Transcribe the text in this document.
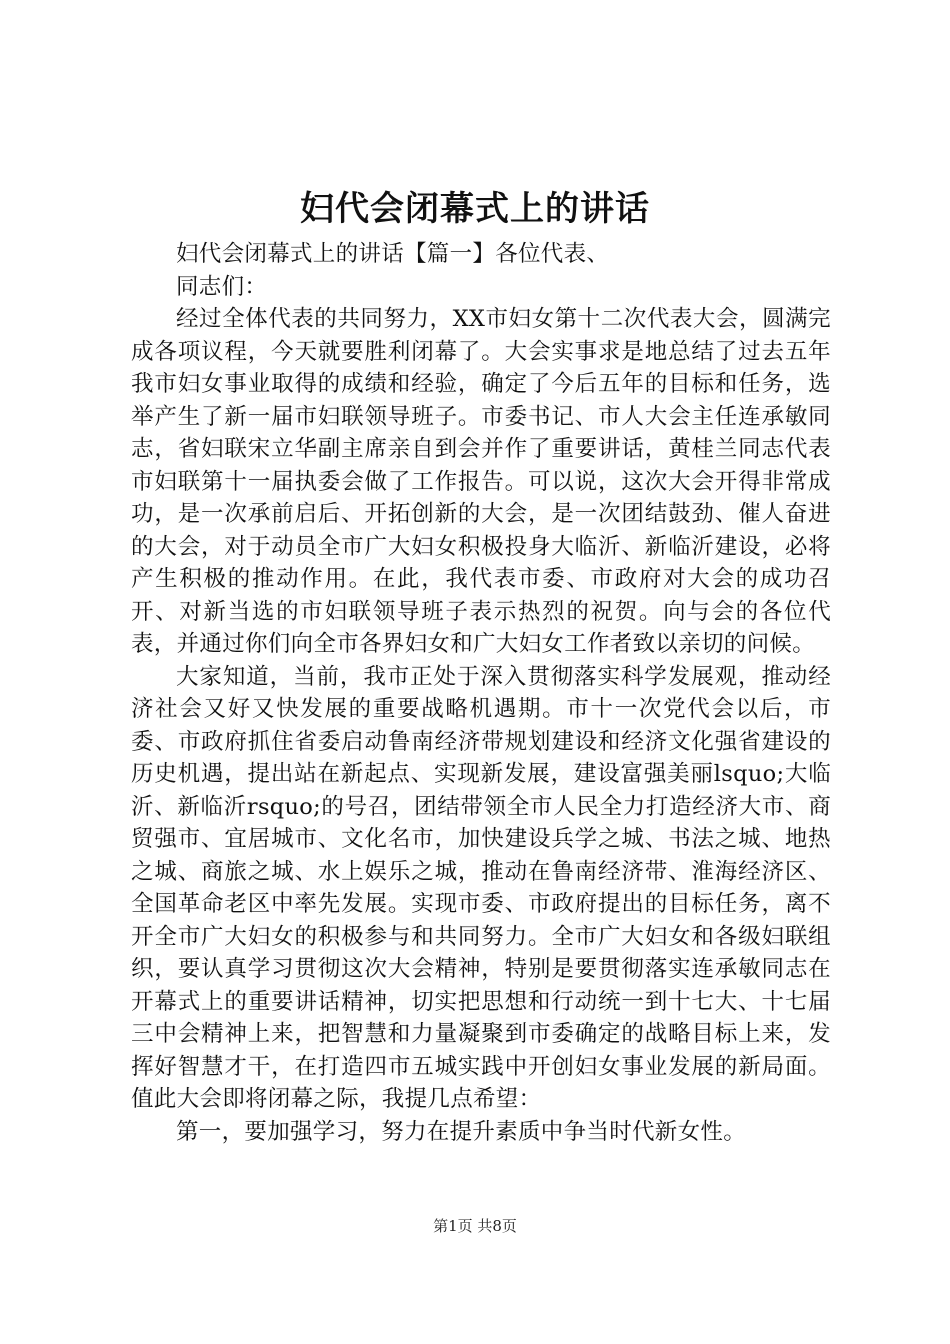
妇代会闭幕式上的讲话

妇代会闭幕式上的讲话【篇一】各位代表、

同志们：

经过全体代表的共同努力，XX市妇女第十二次代表大会，圆满完成各项议程，今天就要胜利闭幕了。大会实事求是地总结了过去五年我市妇女事业取得的成绩和经验，确定了今后五年的目标和任务，选举产生了新一届市妇联领导班子。市委书记、市人大会主任连承敏同志，省妇联宋立华副主席亲自到会并作了重要讲话，黄桂兰同志代表市妇联第十一届执委会做了工作报告。可以说，这次大会开得非常成功，是一次承前启后、开拓创新的大会，是一次团结鼓劲、催人奋进的大会，对于动员全市广大妇女积极投身大临沂、新临沂建设，必将产生积极的推动作用。在此，我代表市委、市政府对大会的成功召开、对新当选的市妇联领导班子表示热烈的祝贺。向与会的各位代表，并通过你们向全市各界妇女和广大妇女工作者致以亲切的问候。

大家知道，当前，我市正处于深入贯彻落实科学发展观，推动经济社会又好又快发展的重要战略机遇期。市十一次党代会以后，市委、市政府抓住省委启动鲁南经济带规划建设和经济文化强省建设的历史机遇，提出站在新起点、实现新发展，建设富强美丽lsquo;大临沂、新临沂rsquo;的号召，团结带领全市人民全力打造经济大市、商贸强市、宜居城市、文化名市，加快建设兵学之城、书法之城、地热之城、商旅之城、水上娱乐之城，推动在鲁南经济带、淮海经济区、全国革命老区中率先发展。实现市委、市政府提出的目标任务，离不开全市广大妇女的积极参与和共同努力。全市广大妇女和各级妇联组织，要认真学习贯彻这次大会精神，特别是要贯彻落实连承敏同志在开幕式上的重要讲话精神，切实把思想和行动统一到十七大、十七届三中会精神上来，把智慧和力量凝聚到市委确定的战略目标上来，发挥好智慧才干，在打造四市五城实践中开创妇女事业发展的新局面。值此大会即将闭幕之际，我提几点希望：

第一，要加强学习，努力在提升素质中争当时代新女性。

第1页 共8页
